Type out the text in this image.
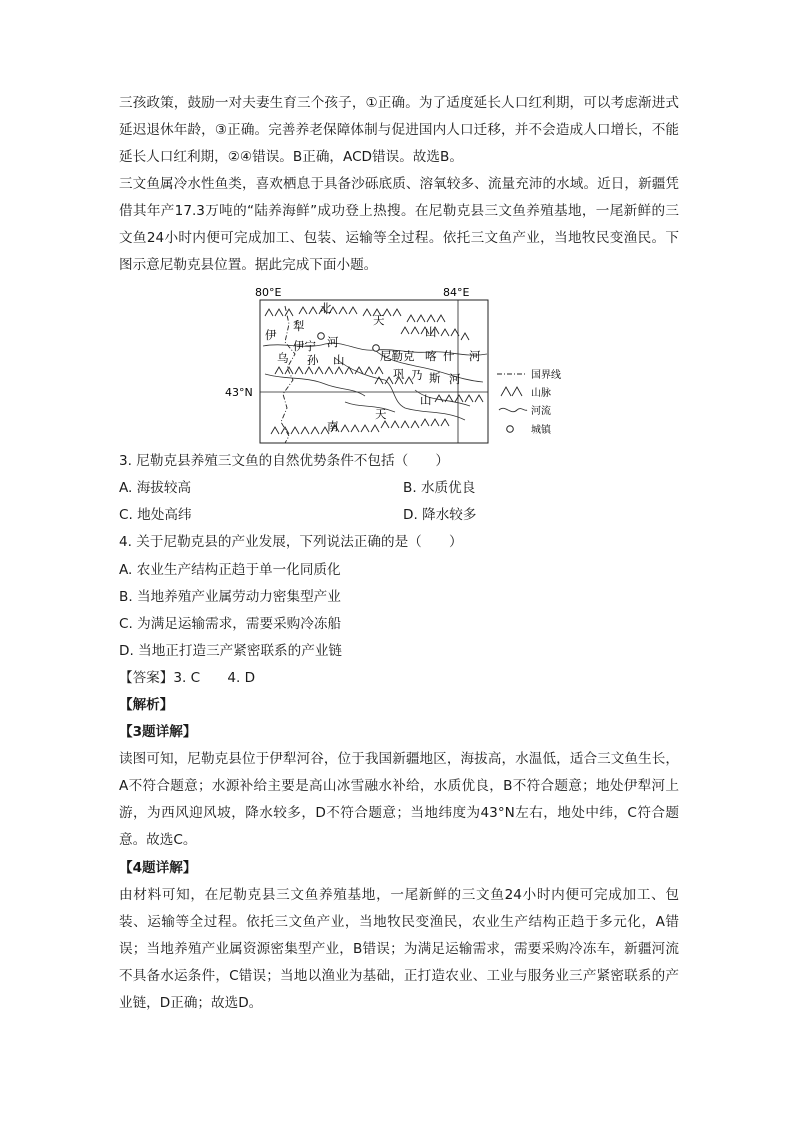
三孩政策，鼓励一对夫妻生育三个孩子，①正确。为了适度延长人口红利期，可以考虑渐进式延迟退休年龄，③正确。完善养老保障体制与促进国内人口迁移，并不会造成人口增长，不能延长人口红利期，②④错误。B正确，ACD错误。故选B。

三文鱼属冷水性鱼类，喜欢栖息于具备沙砾底质、溶氧较多、流量充沛的水域。近日，新疆凭借其年产17.3万吨的“陆养海鲜”成功登上热搜。在尼勒克县三文鱼养殖基地，一尾新鲜的三文鱼24小时内便可完成加工、包装、运输等全过程。依托三文鱼产业，当地牧民变渔民。下图示意尼勒克县位置。据此完成下面小题。

80°E	84°E
43°N
北
天
山
伊
犁
伊宁 河
尼勒克 喀 什 河
乌 孙 山
巩 乃 斯 河
山
南
天
国界线
山脉
河流
城镇
3. 尼勒克县养殖三文鱼的自然优势条件不包括（　　）
A. 海拔较高	B. 水质优良
C. 地处高纬	D. 降水较多
4. 关于尼勒克县的产业发展，下列说法正确的是（　　）
A. 农业生产结构正趋于单一化同质化
B. 当地养殖产业属劳动力密集型产业
C. 为满足运输需求，需要采购冷冻船
D. 当地正打造三产紧密联系的产业链
【答案】3. C　　4. D
【解析】
【3题详解】

读图可知，尼勒克县位于伊犁河谷，位于我国新疆地区，海拔高，水温低，适合三文鱼生长，A不符合题意；水源补给主要是高山冰雪融水补给，水质优良，B不符合题意；地处伊犁河上游，为西风迎风坡，降水较多，D不符合题意；当地纬度为43°N左右，地处中纬，C符合题意。故选C。

【4题详解】

由材料可知，在尼勒克县三文鱼养殖基地，一尾新鲜的三文鱼24小时内便可完成加工、包装、运输等全过程。依托三文鱼产业，当地牧民变渔民，农业生产结构正趋于多元化，A错误；当地养殖产业属资源密集型产业，B错误；为满足运输需求，需要采购冷冻车，新疆河流不具备水运条件，C错误；当地以渔业为基础，正打造农业、工业与服务业三产紧密联系的产业链，D正确；故选D。
